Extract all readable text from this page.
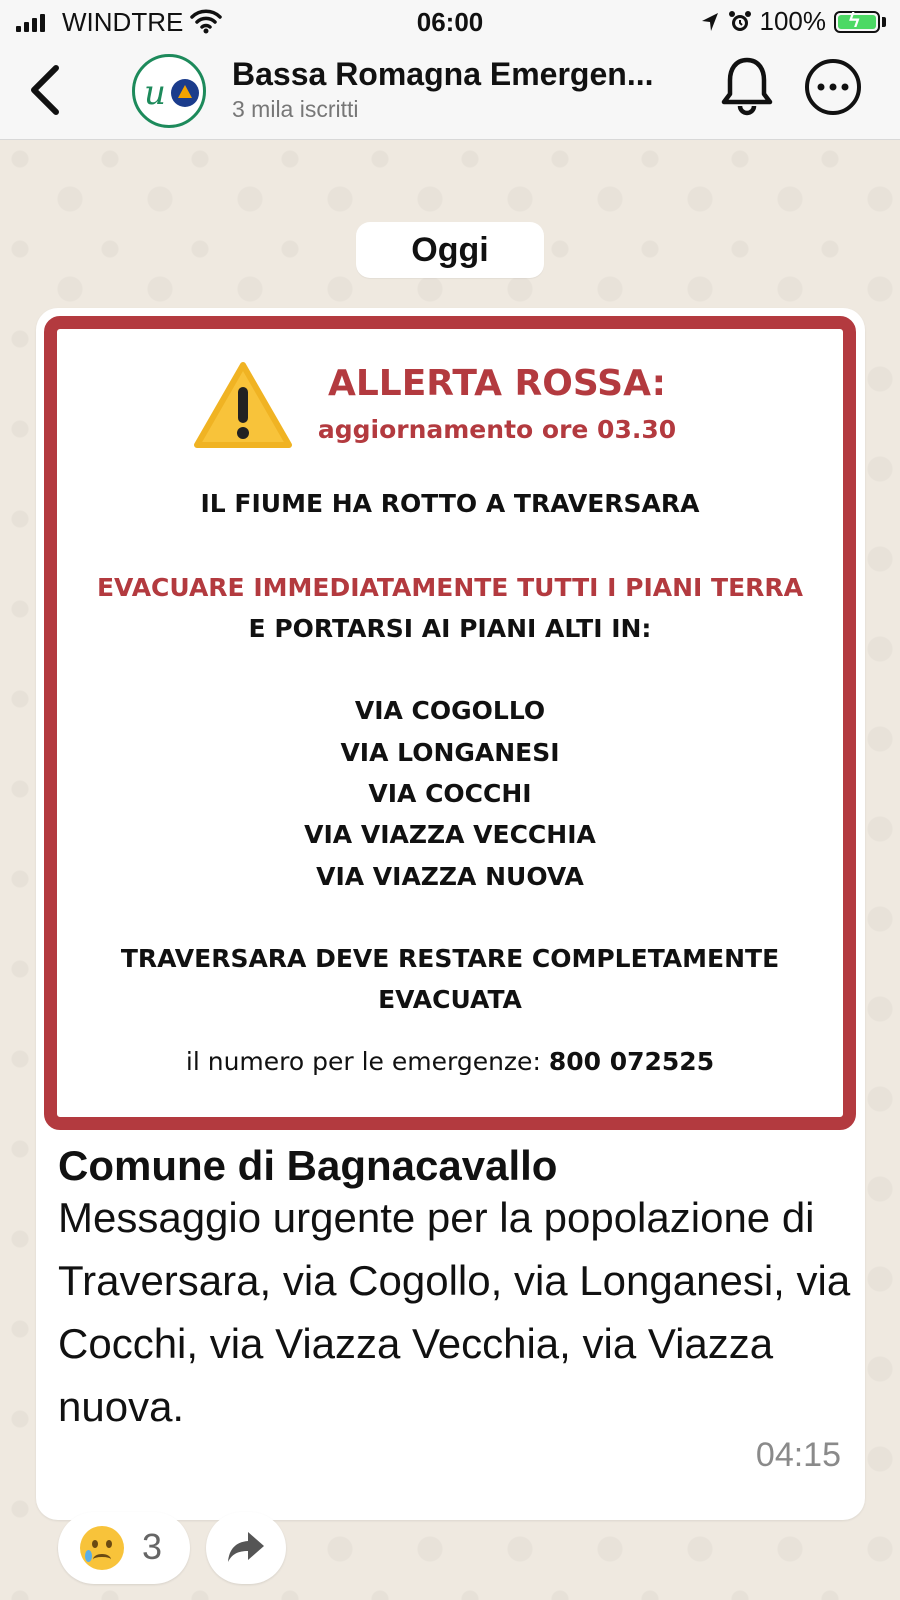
WINDTRE	06:00	100% ϟ
u Bassa Romagna Emergen...
3 mila iscritti
Oggi
ALLERTA ROSSA:
aggiornamento ore 03.30
IL FIUME HA ROTTO A TRAVERSARA
EVACUARE IMMEDIATAMENTE TUTTI I PIANI TERRA
E PORTARSI AI PIANI ALTI IN:
VIA COGOLLO
VIA LONGANESI
VIA COCCHI
VIA VIAZZA VECCHIA
VIA VIAZZA NUOVA
TRAVERSARA DEVE RESTARE COMPLETAMENTE
EVACUATA
il numero per le emergenze: 800 072525
Comune di Bagnacavallo
Messaggio urgente per la popolazione di Traversara, via Cogollo, via Longanesi, via Cocchi, via Viazza Vecchia, via Viazza nuova.
04:15
3
